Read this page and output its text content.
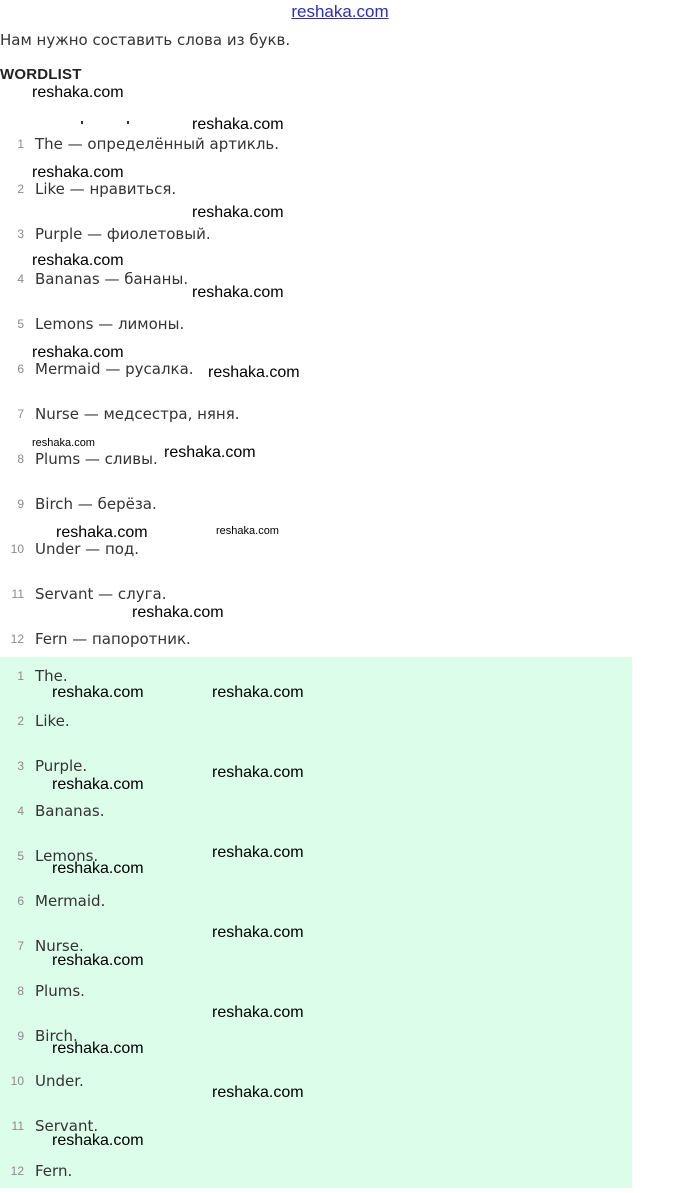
reshaka.com
Нам нужно составить слова из букв.
WORDLIST
1 The — определённый артикль.
2 Like — нравиться.
3 Purple — фиолетовый.
4 Bananas — бананы.
5 Lemons — лимоны.
6 Mermaid — русалка.
7 Nurse — медсестра, няня.
8 Plums — сливы.
9 Birch — берёза.
10 Under — под.
11 Servant — слуга.
12 Fern — папоротник.
1 The.
2 Like.
3 Purple.
4 Bananas.
5 Lemons.
6 Mermaid.
7 Nurse.
8 Plums.
9 Birch.
10 Under.
11 Servant.
12 Fern.
reshaka.com
reshaka.com
reshaka.com
reshaka.com
reshaka.com
reshaka.com
reshaka.com
reshaka.com
reshaka.com
reshaka.com
reshaka.com	reshaka.com
reshaka.com
reshaka.com	reshaka.com
reshaka.com
reshaka.com
reshaka.com
reshaka.com
reshaka.com
reshaka.com
reshaka.com
reshaka.com
reshaka.com
reshaka.com
